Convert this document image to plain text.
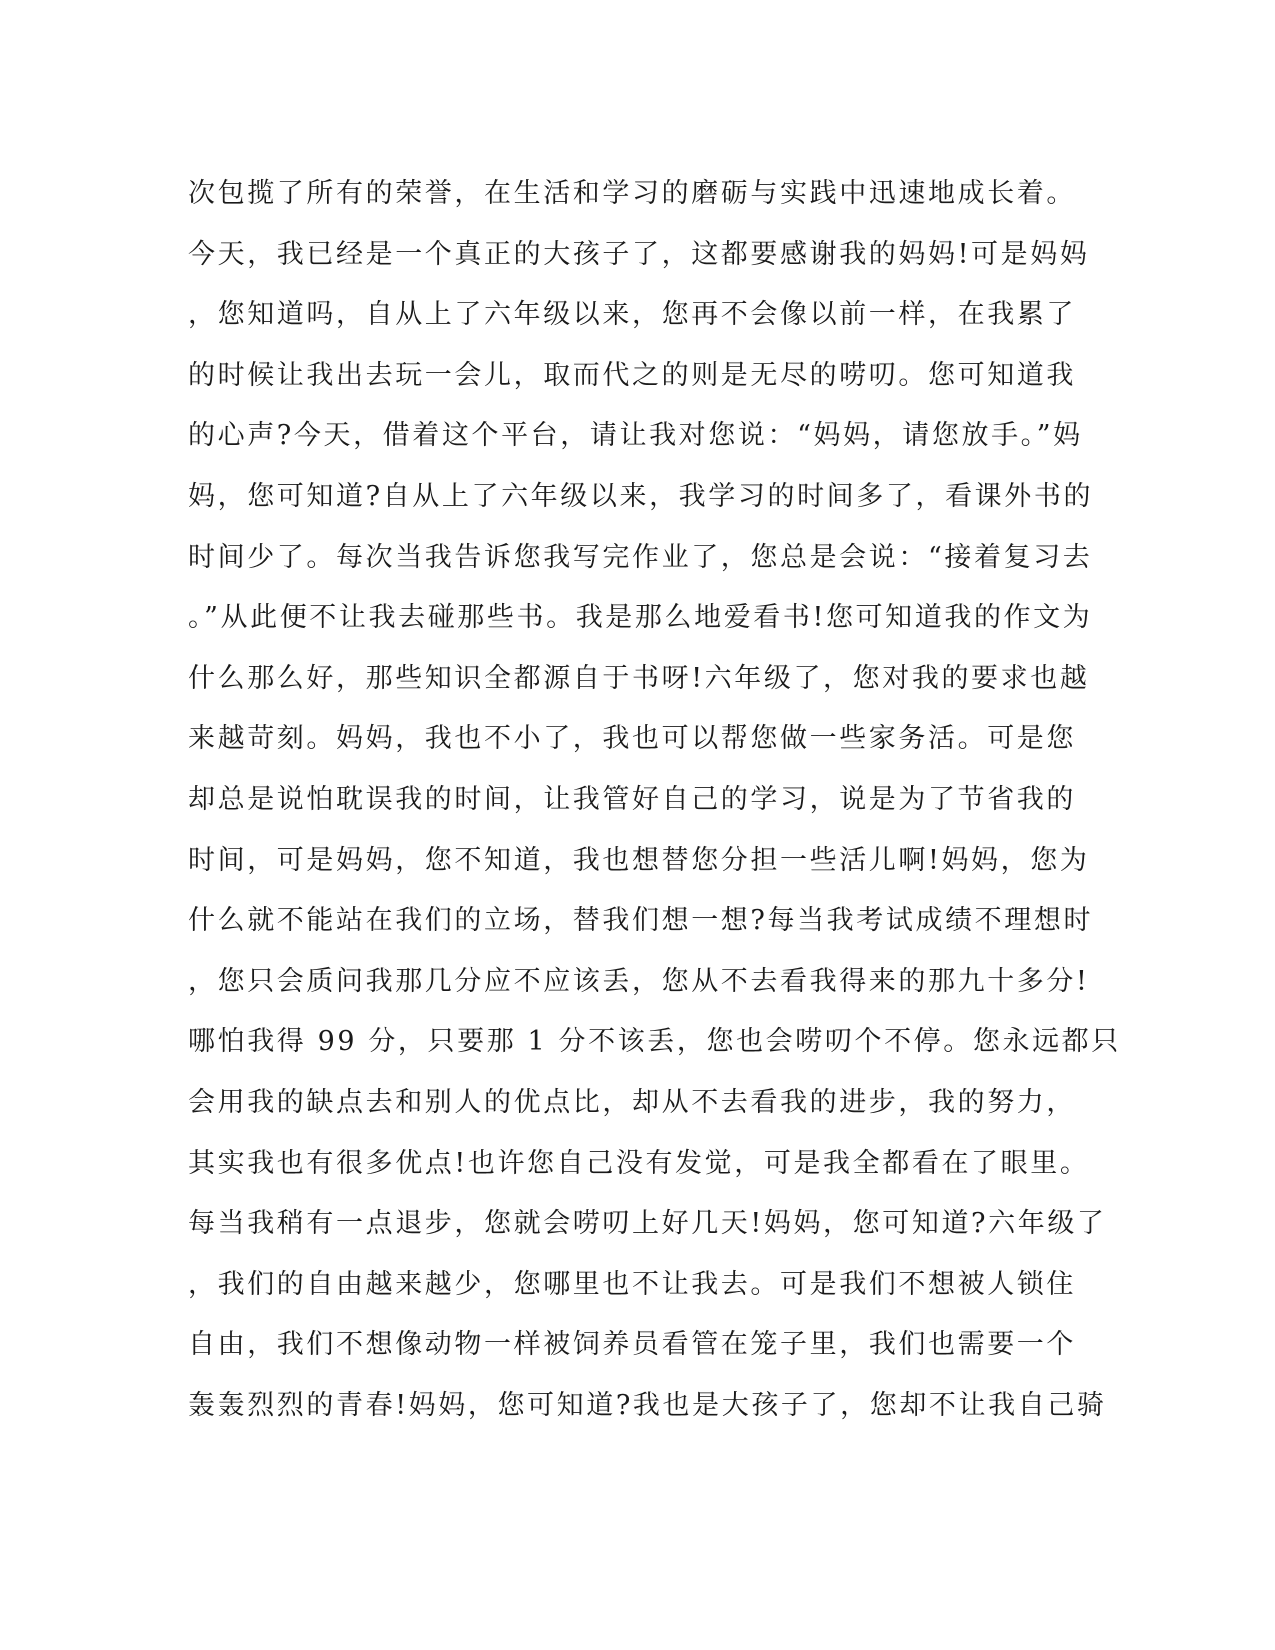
次包揽了所有的荣誉，在生活和学习的磨砺与实践中迅速地成长着。
今天，我已经是一个真正的大孩子了，这都要感谢我的妈妈!可是妈妈
，您知道吗，自从上了六年级以来，您再不会像以前一样，在我累了
的时候让我出去玩一会儿，取而代之的则是无尽的唠叨。您可知道我
的心声?今天，借着这个平台，请让我对您说：“妈妈，请您放手。”妈
妈，您可知道?自从上了六年级以来，我学习的时间多了，看课外书的
时间少了。每次当我告诉您我写完作业了，您总是会说：“接着复习去
。”从此便不让我去碰那些书。我是那么地爱看书!您可知道我的作文为
什么那么好，那些知识全都源自于书呀!六年级了，您对我的要求也越
来越苛刻。妈妈，我也不小了，我也可以帮您做一些家务活。可是您
却总是说怕耽误我的时间，让我管好自己的学习，说是为了节省我的
时间，可是妈妈，您不知道，我也想替您分担一些活儿啊!妈妈，您为
什么就不能站在我们的立场，替我们想一想?每当我考试成绩不理想时
，您只会质问我那几分应不应该丢，您从不去看我得来的那九十多分!
哪怕我得 99 分，只要那 1 分不该丢，您也会唠叨个不停。您永远都只
会用我的缺点去和别人的优点比，却从不去看我的进步，我的努力，
其实我也有很多优点!也许您自己没有发觉，可是我全都看在了眼里。
每当我稍有一点退步，您就会唠叨上好几天!妈妈，您可知道?六年级了
，我们的自由越来越少，您哪里也不让我去。可是我们不想被人锁住
自由，我们不想像动物一样被饲养员看管在笼子里，我们也需要一个
轰轰烈烈的青春!妈妈，您可知道?我也是大孩子了，您却不让我自己骑
